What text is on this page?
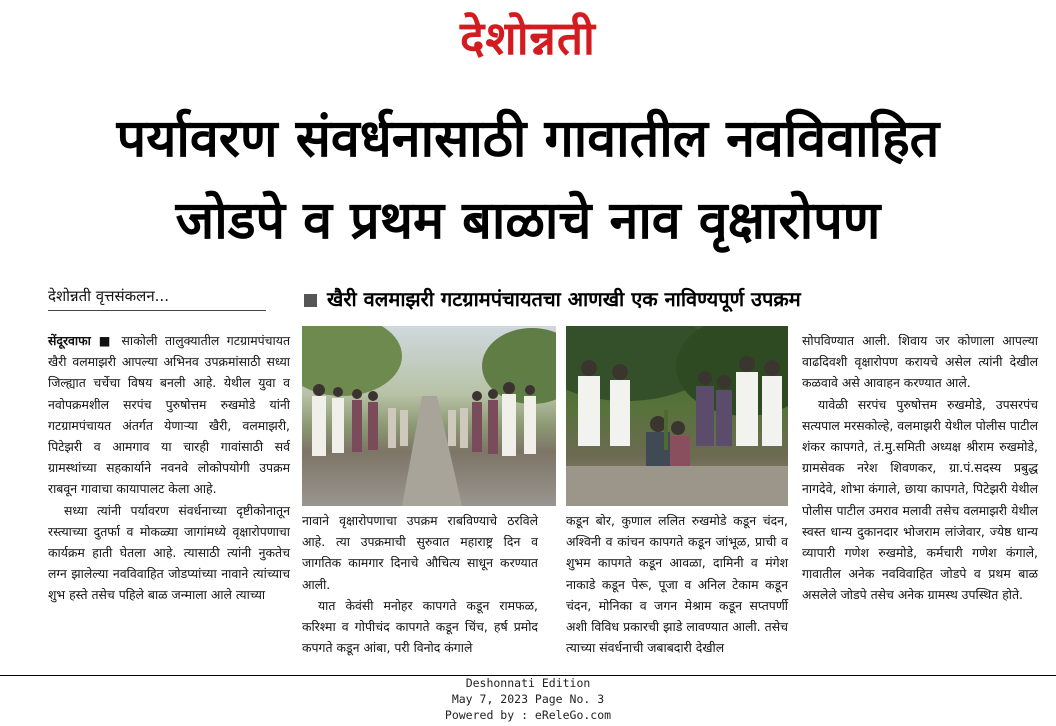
देशोन्नती
पर्यावरण संवर्धनासाठी गावातील नवविवाहित
जोडपे व प्रथम बाळाचे नाव वृक्षारोपण
देशोन्नती वृत्तसंकलन...	खैरी वलमाझरी गटग्रामपंचायतचा आणखी एक नाविण्यपूर्ण उपक्रम

सेंदूरवाफा ■ साकोली तालुक्यातील गटग्रामपंचायत खैरी वलमाझरी आपल्या अभिनव उपक्रमांसाठी सध्या जिल्ह्यात चर्चेचा विषय बनली आहे. येथील युवा व नवोपक्रमशील सरपंच पुरुषोत्तम रुखमोडे यांनी गटग्रामपंचायत अंतर्गत येणाऱ्या खैरी, वलमाझरी, पिटेझरी व आमगाव या चारही गावांसाठी सर्व ग्रामस्थांच्या सहकार्याने नवनवे लोकोपयोगी उपक्रम राबवून गावाचा कायापालट केला आहे.

सध्या त्यांनी पर्यावरण संवर्धनाच्या दृष्टीकोनातून रस्त्याच्या दुतर्फा व मोकळ्या जागांमध्ये वृक्षारोपणाचा कार्यक्रम हाती घेतला आहे. त्यासाठी त्यांनी नुकतेच लग्न झालेल्या नवविवाहित जोडप्यांच्या नावाने त्यांच्याच शुभ हस्ते तसेच पहिले बाळ जन्माला आले त्याच्या

नावाने वृक्षारोपणाचा उपक्रम राबविण्याचे ठरविले आहे. त्या उपक्रमाची सुरुवात महाराष्ट्र दिन व जागतिक कामगार दिनाचे औचित्य साधून करण्यात आली.

यात केवंसी मनोहर कापगते कडून रामफळ, करिश्मा व गोपीचंद कापगते कडून चिंच, हर्ष प्रमोद कपगते कडून आंबा, परी विनोद कंगाले

कडून बोर, कुणाल ललित रुखमोडे कडून चंदन, अश्विनी व कांचन कापगते कडून जांभूळ, प्राची व शुभम कापगते कडून आवळा, दामिनी व मंगेश नाकाडे कडून पेरू, पूजा व अनिल टेकाम कडून चंदन, मोनिका व जगन मेश्राम कडून सप्तपर्णी अशी विविध प्रकारची झाडे लावण्यात आली. तसेच त्याच्या संवर्धनाची जबाबदारी देखील

सोपविण्यात आली. शिवाय जर कोणाला आपल्या वाढदिवशी वृक्षारोपण करायचे असेल त्यांनी देखील कळवावे असे आवाहन करण्यात आले.

यावेळी सरपंच पुरुषोत्तम रुखमोडे, उपसरपंच सत्यपाल मरसकोल्हे, वलमाझरी येथील पोलीस पाटील शंकर कापगते, तं.मु.समिती अध्यक्ष श्रीराम रुखमोडे, ग्रामसेवक नरेश शिवणकर, ग्रा.पं.सदस्य प्रबुद्ध नागदेवे, शोभा कंगाले, छाया कापगते, पिटेझरी येथील पोलीस पाटील उमराव मलावी तसेच वलमाझरी येथील स्वस्त धान्य दुकानदार भोजराम लांजेवार, ज्येष्ठ धान्य व्यापारी गणेश रुखमोडे, कर्मचारी गणेश कंगाले, गावातील अनेक नवविवाहित जोडपे व प्रथम बाळ असलेले जोडपे तसेच अनेक ग्रामस्थ उपस्थित होते.

Deshonnati Edition
May 7, 2023 Page No. 3
Powered by : eReleGo.com
